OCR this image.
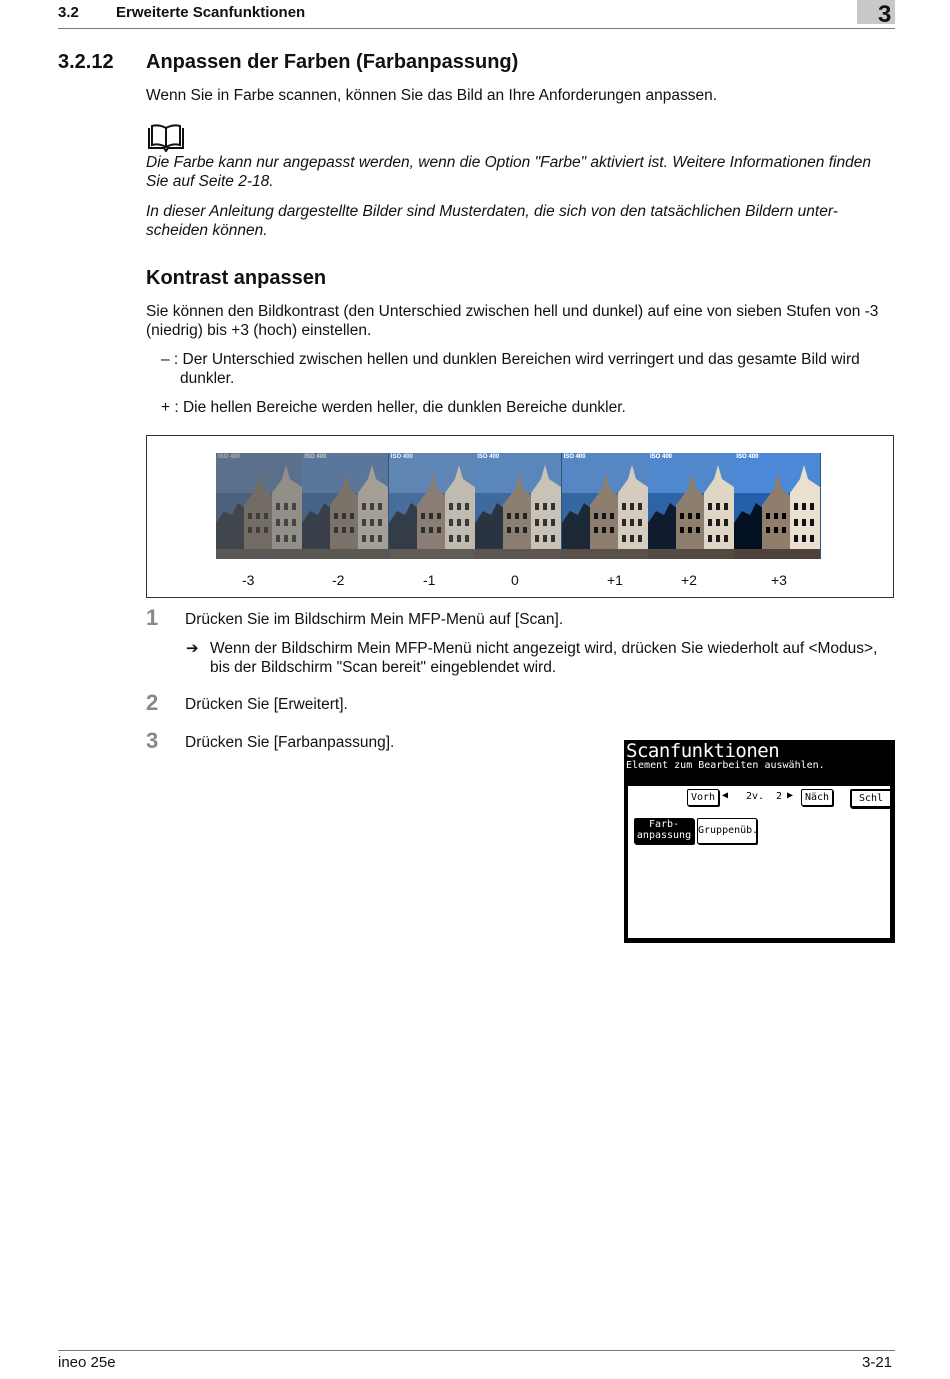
3.2 Erweiterte Scanfunktionen	3
3.2.12 Anpassen der Farben (Farbanpassung)
Wenn Sie in Farbe scannen, können Sie das Bild an Ihre Anforderungen anpassen.
Die Farbe kann nur angepasst werden, wenn die Option "Farbe" aktiviert ist. Weitere Informationen finden
Sie auf Seite 2-18.
In dieser Anleitung dargestellte Bilder sind Musterdaten, die sich von den tatsächlichen Bildern unter-
scheiden können.
Kontrast anpassen
Sie können den Bildkontrast (den Unterschied zwischen hell und dunkel) auf eine von sieben Stufen von -3
(niedrig) bis +3 (hoch) einstellen.
– : Der Unterschied zwischen hellen und dunklen Bereichen wird verringert und das gesamte Bild wird
dunkler.
+ : Die hellen Bereiche werden heller, die dunklen Bereiche dunkler.
ISO 400	ISO 400	ISO 400	ISO 400	ISO 400	ISO 400	ISO 400
-3	-2	-1	0	+1	+2	+3
1 Drücken Sie im Bildschirm Mein MFP-Menü auf [Scan].
➔ Wenn der Bildschirm Mein MFP-Menü nicht angezeigt wird, drücken Sie wiederholt auf <Modus>,
bis der Bildschirm "Scan bereit" eingeblendet wird.
2 Drücken Sie [Erweitert].
3 Drücken Sie [Farbanpassung].	Scanfunktionen
Element zum Bearbeiten auswählen.
Vorh ◀ 2v. 2 ▶	Näch	Schl
Farb-
anpassung Gruppenüb.
ineo 25e	3-21
